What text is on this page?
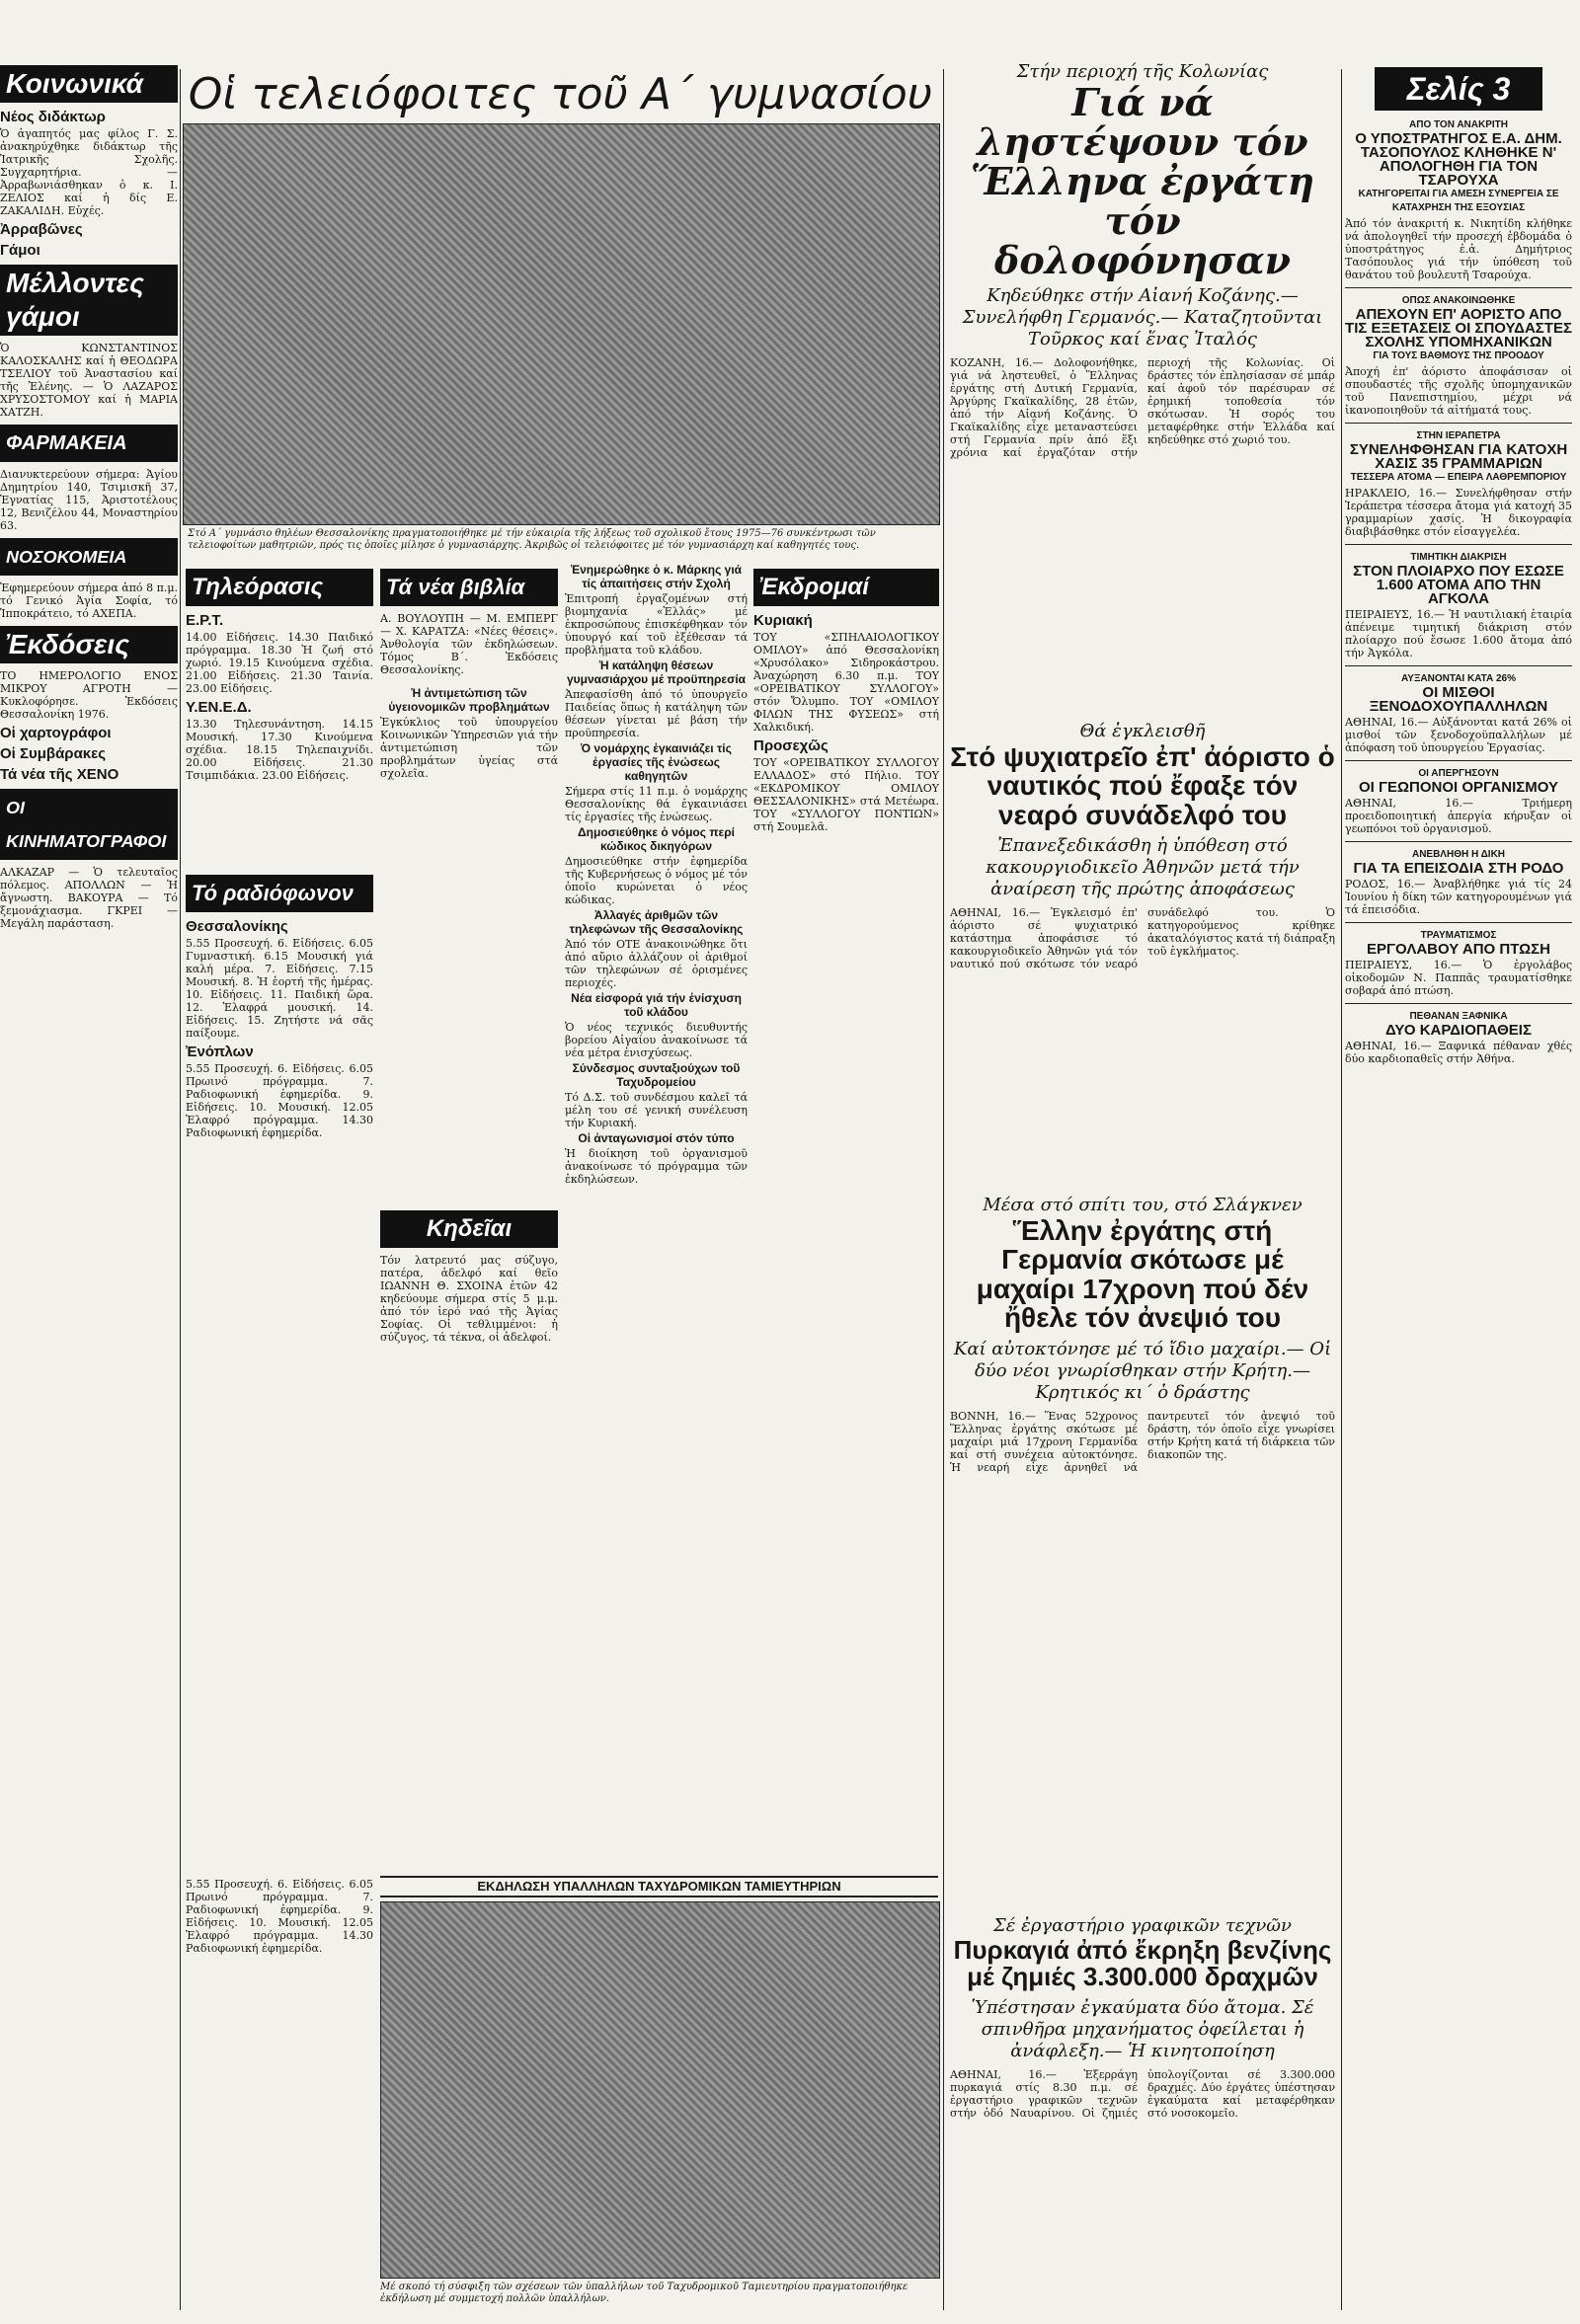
Κοινωνικά
Νέος διδάκτωρ
Ὁ ἀγαπητός μας φίλος Γ. Σ. ἀνακηρύχθηκε διδάκτωρ τῆς Ἰατρικῆς Σχολῆς. Συγχαρητήρια. — Ἀρραβωνιάσθηκαν ὁ κ. Ι. ΖΕΛΙΟΣ καί ἡ δίς Ε. ΖΑΚΑΛΙΔΗ. Εὐχές.
Ἀρραβῶνες
Γάμοι
Μέλλοντες γάμοι
Ὁ ΚΩΝΣΤΑΝΤΙΝΟΣ ΚΑΛΟΣΚΑΛΗΣ καί ἡ ΘΕΟΔΩΡΑ ΤΣΕΛΙΟΥ τοῦ Ἀναστασίου καί τῆς Ἑλένης. — Ὁ ΛΑΖΑΡΟΣ ΧΡΥΣΟΣΤΟΜΟΥ καί ἡ ΜΑΡΙΑ ΧΑΤΖΗ.
ΦΑΡΜΑΚΕΙΑ
Διανυκτερεύουν σήμερα: Ἀγίου Δημητρίου 140, Τσιμισκῆ 37, Ἐγνατίας 115, Ἀριστοτέλους 12, Βενιζέλου 44, Μοναστηρίου 63.
ΝΟΣΟΚΟΜΕΙΑ
Ἐφημερεύουν σήμερα ἀπό 8 π.μ. τό Γενικό Ἀγία Σοφία, τό Ἱπποκράτειο, τό ΑΧΕΠΑ.
Ἐκδόσεις
ΤΟ ΗΜΕΡΟΛΟΓΙΟ ΕΝΟΣ ΜΙΚΡΟΥ ΑΓΡΟΤΗ — Κυκλοφόρησε. Ἐκδόσεις Θεσσαλονίκη 1976.
Οἱ χαρτογράφοι
Οἱ Συμβάρακες
Τά νέα τῆς ΧΕΝΟ
ΟΙ ΚΙΝΗΜΑΤΟΓΡΑΦΟΙ
ΑΛΚΑΖΑΡ — Ὁ τελευταῖος πόλεμος. ΑΠΟΛΛΩΝ — Ἡ ἄγνωστη. ΒΑΚΟΥΡΑ — Τό ξεμονάχιασμα. ΓΚΡΕΙ — Μεγάλη παράσταση.
Οἱ τελειόφοιτες τοῦ Α΄ γυμνασίου
Στό Α΄ γυμνάσιο θηλέων Θεσσαλονίκης πραγματοποιήθηκε μέ τήν εὐκαιρία τῆς λήξεως τοῦ σχολικοῦ ἔτους 1975—76 συνκέντρωσι τῶν τελειοφοίτων μαθητριῶν, πρός τις ὁποῖες μίλησε ὁ γυμνασιάρχης. Ἀκριβῶς οἱ τελειόφοιτες μέ τόν γυμνασιάρχη καί καθηγητές τους.
Τηλεόρασις
Ε.Ρ.Τ.
14.00 Εἰδήσεις. 14.30 Παιδικό πρόγραμμα. 18.30 Ἡ ζωή στό χωριό. 19.15 Κινούμενα σχέδια. 21.00 Εἰδήσεις. 21.30 Ταινία. 23.00 Εἰδήσεις.
Υ.ΕΝ.Ε.Δ.
13.30 Τηλεσυνάντηση. 14.15 Μουσική. 17.30 Κινούμενα σχέδια. 18.15 Τηλεπαιχνίδι. 20.00 Εἰδήσεις. 21.30 Τσιμπιδάκια. 23.00 Εἰδήσεις.
Τό ραδιόφωνον
Θεσσαλονίκης
5.55 Προσευχή. 6. Εἰδήσεις. 6.05 Γυμναστική. 6.15 Μουσική γιά καλή μέρα. 7. Εἰδήσεις. 7.15 Μουσική. 8. Ἡ ἑορτή τῆς ἡμέρας. 10. Εἰδήσεις. 11. Παιδική ὥρα. 12. Ἐλαφρά μουσική. 14. Εἰδήσεις. 15. Ζητήστε νά σᾶς παίξουμε.
Ἐνόπλων
5.55 Προσευχή. 6. Εἰδήσεις. 6.05 Πρωινό πρόγραμμα. 7. Ραδιοφωνική ἐφημερίδα. 9. Εἰδήσεις. 10. Μουσική. 12.05 Ἐλαφρό πρόγραμμα. 14.30 Ραδιοφωνική ἐφημερίδα.
Τά νέα βιβλία
Α. ΒΟΥΛΟΥΠΗ — Μ. ΕΜΠΕΡΓ — Χ. ΚΑΡΑΤΖΑ: «Νέες θέσεις». Ἀνθολογία τῶν ἐκδηλώσεων. Τόμος Β΄. Ἐκδόσεις Θεσσαλονίκης.
Ἡ ἀντιμετώπιση τῶν ὑγειονομικῶν προβλημάτων
Ἐγκύκλιος τοῦ ὑπουργείου Κοινωνικῶν Ὑπηρεσιῶν γιά τήν ἀντιμετώπιση τῶν προβλημάτων ὑγείας στά σχολεῖα.
Ἐνημερώθηκε ὁ κ. Μάρκης γιά τίς ἀπαιτήσεις στήν Σχολή
Ἐπιτροπή ἐργαζομένων στή βιομηχανία «Ἑλλάς» μέ ἐκπροσώπους ἐπισκέφθηκαν τόν ὑπουργό καί τοῦ ἐξέθεσαν τά προβλήματα τοῦ κλάδου.
Ἡ κατάληψη θέσεων γυμνασιάρχου μέ προϋπηρεσία
Ἀπεφασίσθη ἀπό τό ὑπουργεῖο Παιδείας ὅπως ἡ κατάληψη τῶν θέσεων γίνεται μέ βάση τήν προϋπηρεσία.
Ὁ νομάρχης ἐγκαινιάζει τίς ἐργασίες τῆς ἐνώσεως καθηγητῶν
Σήμερα στίς 11 π.μ. ὁ νομάρχης Θεσσαλονίκης θά ἐγκαινιάσει τίς ἐργασίες τῆς ἐνώσεως.
Δημοσιεύθηκε ὁ νόμος περί κώδικος δικηγόρων
Δημοσιεύθηκε στήν ἐφημερίδα τῆς Κυβερνήσεως ὁ νόμος μέ τόν ὁποῖο κυρώνεται ὁ νέος κώδικας.
Ἀλλαγές ἀριθμῶν τῶν τηλεφώνων τῆς Θεσσαλονίκης
Ἀπό τόν ΟΤΕ ἀνακοινώθηκε ὅτι ἀπό αὔριο ἀλλάζουν οἱ ἀριθμοί τῶν τηλεφώνων σέ ὁρισμένες περιοχές.
Νέα εἰσφορά γιά τήν ἐνίσχυση τοῦ κλάδου
Ὁ νέος τεχνικός διευθυντής βορείου Αἰγαίου ἀνακοίνωσε τά νέα μέτρα ἐνισχύσεως.
Σύνδεσμος συνταξιούχων τοῦ Ταχυδρομείου
Τό Δ.Σ. τοῦ συνδέσμου καλεῖ τά μέλη του σέ γενική συνέλευση τήν Κυριακή.
Οἱ ἀνταγωνισμοί στόν τύπο
Ἡ διοίκηση τοῦ ὀργανισμοῦ ἀνακοίνωσε τό πρόγραμμα τῶν ἐκδηλώσεων.
Κηδεῖαι
Τόν λατρευτό μας σύζυγο, πατέρα, ἀδελφό καί θεῖο ΙΩΑΝΝΗ Θ. ΣΧΟΙΝΑ ἐτῶν 42 κηδεύουμε σήμερα στίς 5 μ.μ. ἀπό τόν ἱερό ναό τῆς Ἁγίας Σοφίας. Οἱ τεθλιμμένοι: ἡ σύζυγος, τά τέκνα, οἱ ἀδελφοί.
Ἐκδρομαί
Κυριακή
ΤΟΥ «ΣΠΗΛΑΙΟΛΟΓΙΚΟΥ ΟΜΙΛΟΥ» ἀπό Θεσσαλονίκη «Χρυσόλακο» Σιδηροκάστρου. Ἀναχώρηση 6.30 π.μ. ΤΟΥ «ΟΡΕΙΒΑΤΙΚΟΥ ΣΥΛΛΟΓΟΥ» στόν Ὄλυμπο. ΤΟΥ «ΟΜΙΛΟΥ ΦΙΛΩΝ ΤΗΣ ΦΥΣΕΩΣ» στή Χαλκιδική.
Προσεχῶς
ΤΟΥ «ΟΡΕΙΒΑΤΙΚΟΥ ΣΥΛΛΟΓΟΥ ΕΛΛΑΔΟΣ» στό Πήλιο. ΤΟΥ «ΕΚΔΡΟΜΙΚΟΥ ΟΜΙΛΟΥ ΘΕΣΣΑΛΟΝΙΚΗΣ» στά Μετέωρα. ΤΟΥ «ΣΥΛΛΟΓΟΥ ΠΟΝΤΙΩΝ» στή Σουμελᾶ.
ΕΚΔΗΛΩΣΗ ΥΠΑΛΛΗΛΩΝ ΤΑΧΥΔΡΟΜΙΚΩΝ ΤΑΜΙΕΥΤΗΡΙΩΝ
Μέ σκοπό τή σύσφιξη τῶν σχέσεων τῶν ὑπαλλήλων τοῦ Ταχυδρομικοῦ Ταμιευτηρίου πραγματοποιήθηκε ἐκδήλωση μέ συμμετοχή πολλῶν ὑπαλλήλων.
5.55 Προσευχή. 6. Εἰδήσεις. 6.05 Πρωινό πρόγραμμα. 7. Ραδιοφωνική ἐφημερίδα. 9. Εἰδήσεις. 10. Μουσική. 12.05 Ἐλαφρό πρόγραμμα. 14.30 Ραδιοφωνική ἐφημερίδα.
Στήν περιοχή τῆς Κολωνίας
Γιά νά ληστέψουν τόν Ἕλληνα ἐργάτη τόν δολοφόνησαν
Κηδεύθηκε στήν Αἰανή Κοζάνης.— Συνελήφθη Γερμανός.— Καταζητοῦνται Τοῦρκος καί ἕνας Ἰταλός
ΚΟΖΑΝΗ, 16.— Δολοφονήθηκε, γιά νά ληστευθεῖ, ὁ Ἕλληνας ἐργάτης στή Δυτική Γερμανία, Ἀργύρης Γκαϊκαλίδης, 28 ἐτῶν, ἀπό τήν Αἰανή Κοζάνης. Ὁ Γκαϊκαλίδης εἶχε μεταναστεύσει στή Γερμανία πρίν ἀπό ἕξι χρόνια καί ἐργαζόταν στήν περιοχή τῆς Κολωνίας. Οἱ δράστες τόν ἐπλησίασαν σέ μπάρ καί ἀφοῦ τόν παρέσυραν σέ ἐρημική τοποθεσία τόν σκότωσαν. Ἡ σορός του μεταφέρθηκε στήν Ἑλλάδα καί κηδεύθηκε στό χωριό του.
Θά ἐγκλεισθῆ
Στό ψυχιατρεῖο ἐπ' ἀόριστο ὁ ναυτικός πού ἔφαξε τόν νεαρό συνάδελφό του
Ἐπανεξεδικάσθη ἡ ὑπόθεση στό κακουργιοδικεῖο Ἀθηνῶν μετά τήν ἀναίρεση τῆς πρώτης ἀποφάσεως
ΑΘΗΝΑΙ, 16.— Ἐγκλεισμό ἐπ' ἀόριστο σέ ψυχιατρικό κατάστημα ἀποφάσισε τό κακουργιοδικεῖο Ἀθηνῶν γιά τόν ναυτικό πού σκότωσε τόν νεαρό συνάδελφό του. Ὁ κατηγορούμενος κρίθηκε ἀκαταλόγιστος κατά τή διάπραξη τοῦ ἐγκλήματος.
Μέσα στό σπίτι του, στό Σλάγκνεν
Ἕλλην ἐργάτης στή Γερμανία σκότωσε μέ μαχαίρι 17χρονη πού δέν ἤθελε τόν ἀνεψιό του
Καί αὐτοκτόνησε μέ τό ἴδιο μαχαίρι.— Οἱ δύο νέοι γνωρίσθηκαν στήν Κρήτη.— Κρητικός κι΄ ὁ δράστης
ΒΟΝΝΗ, 16.— Ἕνας 52χρονος Ἕλληνας ἐργάτης σκότωσε μέ μαχαίρι μιά 17χρονη Γερμανίδα καί στή συνέχεια αὐτοκτόνησε. Ἡ νεαρή εἶχε ἀρνηθεῖ νά παντρευτεῖ τόν ἀνεψιό τοῦ δράστη, τόν ὁποῖο εἶχε γνωρίσει στήν Κρήτη κατά τή διάρκεια τῶν διακοπῶν της.
Σέ ἐργαστήριο γραφικῶν τεχνῶν
Πυρκαγιά ἀπό ἔκρηξη βενζίνης μέ ζημιές 3.300.000 δραχμῶν
Ὑπέστησαν ἐγκαύματα δύο ἄτομα. Σέ σπινθῆρα μηχανήματος ὀφείλεται ἡ ἀνάφλεξη.— Ἡ κινητοποίηση
ΑΘΗΝΑΙ, 16.— Ἐξερράγη πυρκαγιά στίς 8.30 π.μ. σέ ἐργαστήριο γραφικῶν τεχνῶν στήν ὁδό Ναυαρίνου. Οἱ ζημιές ὑπολογίζονται σέ 3.300.000 δραχμές. Δύο ἐργάτες ὑπέστησαν ἐγκαύματα καί μεταφέρθηκαν στό νοσοκομεῖο.
Σελίς 3
ΑΠΟ ΤΟΝ ΑΝΑΚΡΙΤΗ
Ο ΥΠΟΣΤΡΑΤΗΓΟΣ Ε.Α. ΔΗΜ. ΤΑΣΟΠΟΥΛΟΣ ΚΛΗΘΗΚΕ Ν' ΑΠΟΛΟΓΗΘΗ ΓΙΑ ΤΟΝ ΤΣΑΡΟΥΧΑ
ΚΑΤΗΓΟΡΕΙΤΑΙ ΓΙΑ ΑΜΕΣΗ ΣΥΝΕΡΓΕΙΑ ΣΕ ΚΑΤΑΧΡΗΣΗ ΤΗΣ ΕΞΟΥΣΙΑΣ
Ἀπό τόν ἀνακριτή κ. Νικητίδη κλήθηκε νά ἀπολογηθεῖ τήν προσεχή ἑβδομάδα ὁ ὑποστράτηγος ἐ.ἀ. Δημήτριος Τασόπουλος γιά τήν ὑπόθεση τοῦ θανάτου τοῦ βουλευτῆ Τσαρούχα.
ΟΠΩΣ ΑΝΑΚΟΙΝΩΘΗΚΕ
ΑΠΕΧΟΥΝ ΕΠ' ΑΟΡΙΣΤΟ ΑΠΟ ΤΙΣ ΕΞΕΤΑΣΕΙΣ ΟΙ ΣΠΟΥΔΑΣΤΕΣ ΣΧΟΛΗΣ ΥΠΟΜΗΧΑΝΙΚΩΝ
ΓΙΑ ΤΟΥΣ ΒΑΘΜΟΥΣ ΤΗΣ ΠΡΟΟΔΟΥ
Ἀποχή ἐπ' ἀόριστο ἀποφάσισαν οἱ σπουδαστές τῆς σχολῆς ὑπομηχανικῶν τοῦ Πανεπιστημίου, μέχρι νά ἱκανοποιηθοῦν τά αἰτήματά τους.
ΣΤΗΝ ΙΕΡΑΠΕΤΡΑ
ΣΥΝΕΛΗΦΘΗΣΑΝ ΓΙΑ ΚΑΤΟΧΗ ΧΑΣΙΣ 35 ΓΡΑΜΜΑΡΙΩΝ
ΤΕΣΣΕΡΑ ΑΤΟΜΑ — ΕΠΕΙΡΑ ΛΑΘΡΕΜΠΟΡΙΟΥ
ΗΡΑΚΛΕΙΟ, 16.— Συνελήφθησαν στήν Ἱεράπετρα τέσσερα ἄτομα γιά κατοχή 35 γραμμαρίων χασίς. Ἡ δικογραφία διαβιβάσθηκε στόν εἰσαγγελέα.
ΤΙΜΗΤΙΚΗ ΔΙΑΚΡΙΣΗ
ΣΤΟΝ ΠΛΟΙΑΡΧΟ ΠΟΥ ΕΣΩΣΕ 1.600 ΑΤΟΜΑ ΑΠΟ ΤΗΝ ΑΓΚΟΛΑ
ΠΕΙΡΑΙΕΥΣ, 16.— Ἡ ναυτιλιακή ἑταιρία ἀπένειμε τιμητική διάκριση στόν πλοίαρχο πού ἔσωσε 1.600 ἄτομα ἀπό τήν Ἀγκόλα.
ΑΥΞΑΝΟΝΤΑΙ ΚΑΤΑ 26%
ΟΙ ΜΙΣΘΟΙ ΞΕΝΟΔΟΧΟΥΠΑΛΛΗΛΩΝ
ΑΘΗΝΑΙ, 16.— Αὐξάνονται κατά 26% οἱ μισθοί τῶν ξενοδοχοϋπαλλήλων μέ ἀπόφαση τοῦ ὑπουργείου Ἐργασίας.
ΟΙ ΑΠΕΡΓΗΣΟΥΝ
ΟΙ ΓΕΩΠΟΝΟΙ ΟΡΓΑΝΙΣΜΟΥ
ΑΘΗΝΑΙ, 16.— Τριήμερη προειδοποιητική ἀπεργία κήρυξαν οἱ γεωπόνοι τοῦ ὀργανισμοῦ.
ΑΝΕΒΛΗΘΗ Η ΔΙΚΗ
ΓΙΑ ΤΑ ΕΠΕΙΣΟΔΙΑ ΣΤΗ ΡΟΔΟ
ΡΟΔΟΣ, 16.— Ἀναβλήθηκε γιά τίς 24 Ἰουνίου ἡ δίκη τῶν κατηγορουμένων γιά τά ἐπεισόδια.
ΤΡΑΥΜΑΤΙΣΜΟΣ
ΕΡΓΟΛΑΒΟΥ ΑΠΟ ΠΤΩΣΗ
ΠΕΙΡΑΙΕΥΣ, 16.— Ὁ ἐργολάβος οἰκοδομῶν Ν. Παππᾶς τραυματίσθηκε σοβαρά ἀπό πτώση.
ΠΕΘΑΝΑΝ ΞΑΦΝΙΚΑ
ΔΥΟ ΚΑΡΔΙΟΠΑΘΕΙΣ
ΑΘΗΝΑΙ, 16.— Ξαφνικά πέθαναν χθές δύο καρδιοπαθεῖς στήν Ἀθήνα.
